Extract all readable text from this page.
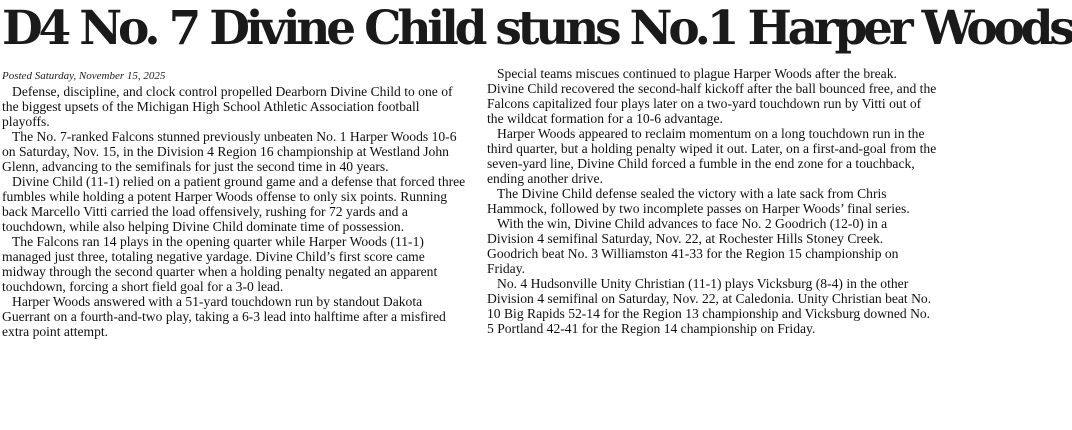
D4 No. 7 Divine Child stuns No.1 Harper Woods
Posted Saturday, November 15, 2025

Defense, discipline, and clock control propelled Dearborn Divine Child to one of the biggest upsets of the Michigan High School Athletic Association football playoffs.

The No. 7-ranked Falcons stunned previously unbeaten No. 1 Harper Woods 10-6 on Saturday, Nov. 15, in the Division 4 Region 16 championship at Westland John Glenn, advancing to the semifinals for just the second time in 40 years.

Divine Child (11-1) relied on a patient ground game and a defense that forced three fumbles while holding a potent Harper Woods offense to only six points. Running back Marcello Vitti carried the load offensively, rushing for 72 yards and a touchdown, while also helping Divine Child dominate time of possession.

The Falcons ran 14 plays in the opening quarter while Harper Woods (11-1) managed just three, totaling negative yardage. Divine Child’s first score came midway through the second quarter when a holding penalty negated an apparent touchdown, forcing a short field goal for a 3-0 lead.

Harper Woods answered with a 51-yard touchdown run by standout Dakota Guerrant on a fourth-and-two play, taking a 6-3 lead into halftime after a misfired extra point attempt.

Special teams miscues continued to plague Harper Woods after the break. Divine Child recovered the second-half kickoff after the ball bounced free, and the Falcons capitalized four plays later on a two-yard touchdown run by Vitti out of the wildcat formation for a 10-6 advantage.

Harper Woods appeared to reclaim momentum on a long touchdown run in the third quarter, but a holding penalty wiped it out. Later, on a first-and-goal from the seven-yard line, Divine Child forced a fumble in the end zone for a touchback, ending another drive.

The Divine Child defense sealed the victory with a late sack from Chris Hammock, followed by two incomplete passes on Harper Woods’ final series.

With the win, Divine Child advances to face No. 2 Goodrich (12-0) in a Division 4 semifinal Saturday, Nov. 22, at Rochester Hills Stoney Creek. Goodrich beat No. 3 Williamston 41-33 for the Region 15 championship on Friday.

No. 4 Hudsonville Unity Christian (11-1) plays Vicksburg (8-4) in the other Division 4 semifinal on Saturday, Nov. 22, at Caledonia. Unity Christian beat No. 10 Big Rapids 52-14 for the Region 13 championship and Vicksburg downed No. 5 Portland 42-41 for the Region 14 championship on Friday.
